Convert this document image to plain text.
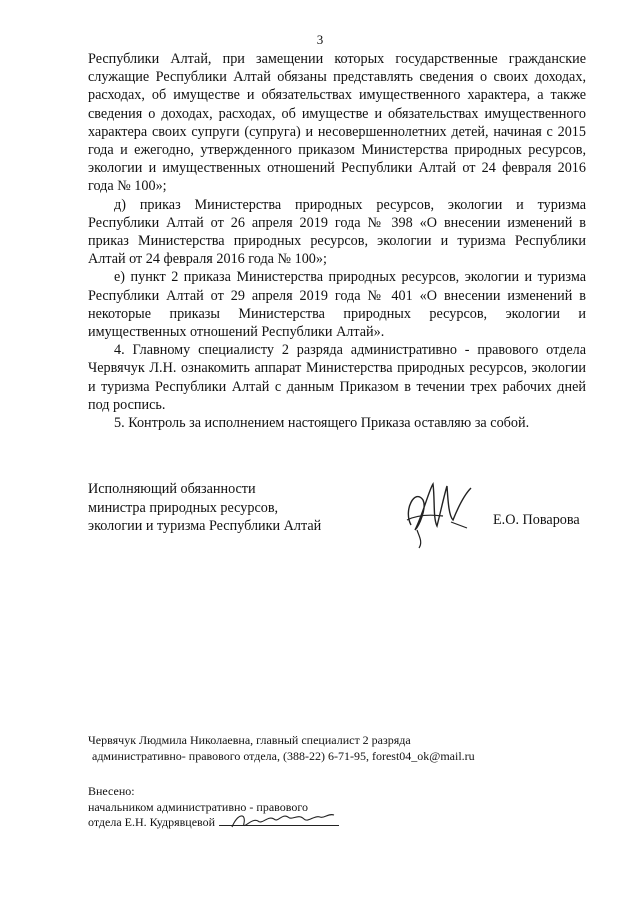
3

Республики Алтай, при замещении которых государственные гражданские служащие Республики Алтай обязаны представлять сведения о своих доходах, расходах, об имуществе и обязательствах имущественного характера, а также сведения о доходах, расходах, об имуществе и обязательствах имущественного характера своих супруги (супруга) и несовершеннолетних детей, начиная с 2015 года и ежегодно, утвержденного приказом Министерства природных ресурсов, экологии и имущественных отношений Республики Алтай от 24 февраля 2016 года № 100»;

д) приказ Министерства природных ресурсов, экологии и туризма Республики Алтай от 26 апреля 2019 года № 398 «О внесении изменений в приказ Министерства природных ресурсов, экологии и туризма Республики Алтай от 24 февраля 2016 года № 100»;

е) пункт 2 приказа Министерства природных ресурсов, экологии и туризма Республики Алтай от 29 апреля 2019 года № 401 «О внесении изменений в некоторые приказы Министерства природных ресурсов, экологии и имущественных отношений Республики Алтай».

4. Главному специалисту 2 разряда административно - правового отдела Червячук Л.Н. ознакомить аппарат Министерства природных ресурсов, экологии и туризма Республики Алтай с данным Приказом в течении трех рабочих дней под роспись.

5. Контроль за исполнением настоящего Приказа оставляю за собой.

Исполняющий обязанности
министра природных ресурсов,
экологии и туризма Республики Алтай	Е.О. Поварова
Червячук Людмила Николаевна, главный специалист 2 разряда
административно- правового отдела, (388-22) 6-71-95, forest04_ok@mail.ru
Внесено:
начальником административно - правового
отдела Е.Н. Кудрявцевой
